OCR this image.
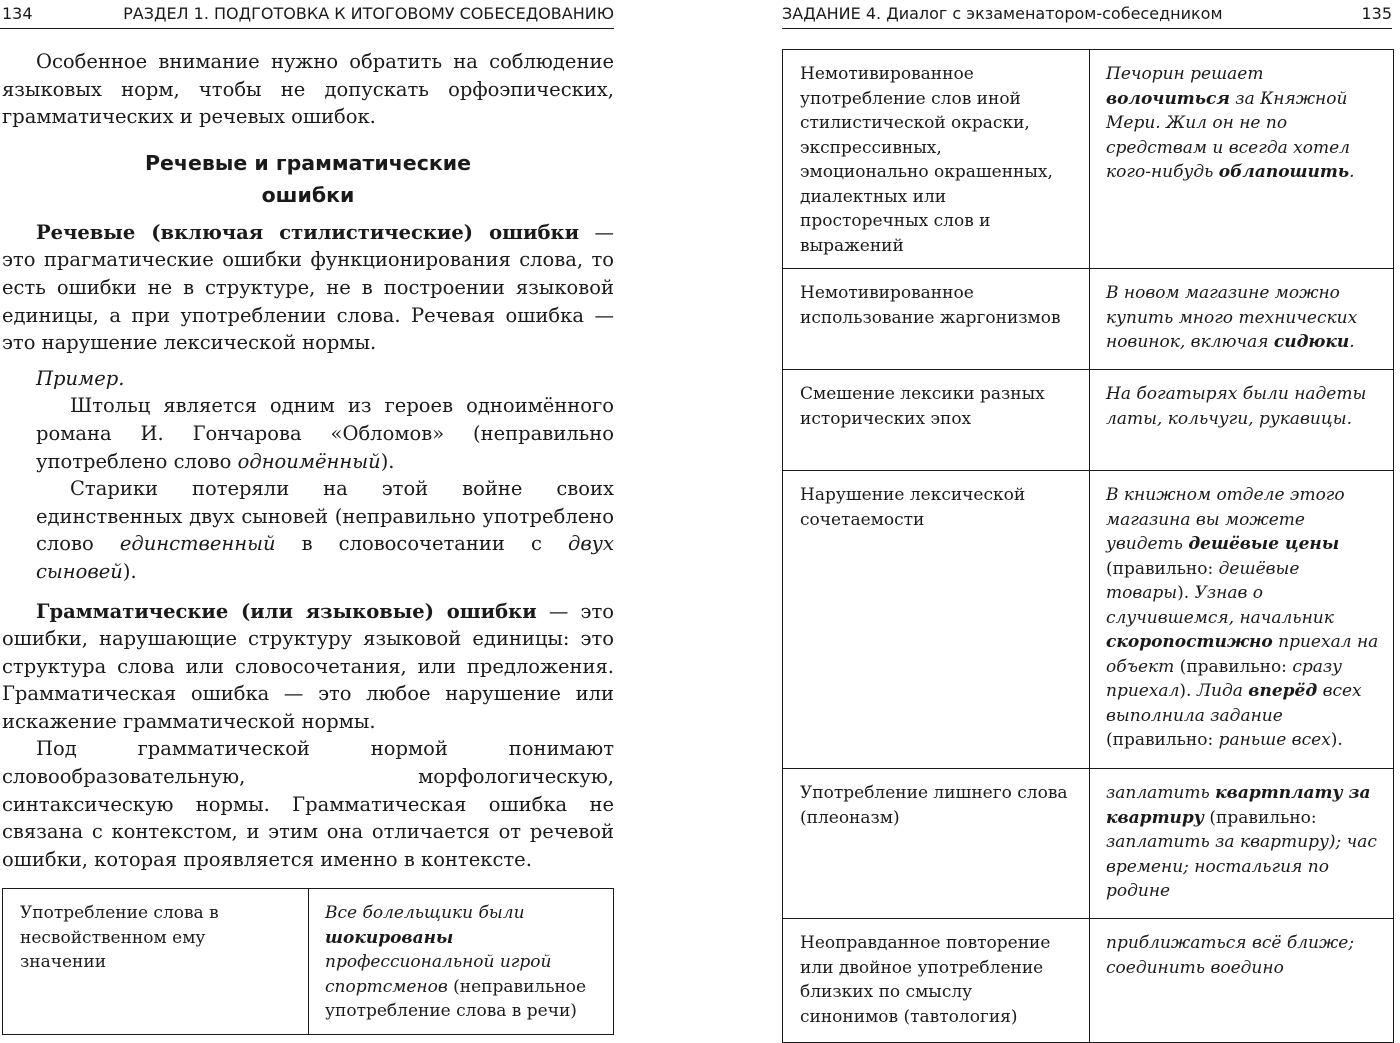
134	РАЗДЕЛ 1. ПОДГОТОВКА К ИТОГОВОМУ СОБЕСЕДОВАНИЮ

Особенное внимание нужно обратить на соблюдение языковых норм, чтобы не допускать орфоэпических, грамматических и речевых ошибок.

Речевые и грамматические
ошибки

Речевые (включая стилистические) ошибки — это прагматические ошибки функционирования слова, то есть ошибки не в структуре, не в построении языковой единицы, а при употреблении слова. Речевая ошибка — это нарушение лексической нормы.

Пример.

Штольц является одним из героев одноимённого романа И. Гончарова «Обломов» (неправильно употреблено слово одноимённый).

Старики потеряли на этой войне своих единственных двух сыновей (неправильно употреблено слово единственный в словосочетании с двух сыновей).

Грамматические (или языковые) ошибки — это ошибки, нарушающие структуру языковой единицы: это структура слова или словосочетания, или предложения. Грамматическая ошибка — это любое нарушение или искажение грамматической нормы.

Под грамматической нормой понимают словообразовательную, морфологическую, синтаксическую нормы. Грамматическая ошибка не связана с контекстом, и этим она отличается от речевой ошибки, которая проявляется именно в контексте.

Употребление слова в несвойственном ему значении	Все болельщики были шокированы профессиональной игрой спортсменов (неправильное употребление слова в речи)
ЗАДАНИЕ 4. Диалог с экзаменатором-собеседником	135
Немотивированное употребление слов иной стилистической окраски, экспрессивных, эмоционально окрашенных, диалектных или просторечных слов и выражений	Печорин решает волочиться за Княжной Мери. Жил он не по средствам и всегда хотел кого-нибудь облапошить.
Немотивированное использование жаргонизмов	В новом магазине можно купить много технических новинок, включая сидюки.
Смешение лексики разных исторических эпох	На богатырях были надеты латы, кольчуги, рукавицы.
Нарушение лексической сочетаемости	В книжном отделе этого магазина вы можете увидеть дешёвые цены (правильно: дешёвые товары). Узнав о случившемся, начальник скоропостижно приехал на объект (правильно: сразу приехал). Лида вперёд всех выполнила задание (правильно: раньше всех).
Употребление лишнего слова (плеоназм)	заплатить квартплату за квартиру (правильно: заплатить за квартиру); час времени; ностальгия по родине
Неоправданное повторение или двойное употребление близких по смыслу синонимов (тавтология)	приближаться всё ближе; соединить воедино
